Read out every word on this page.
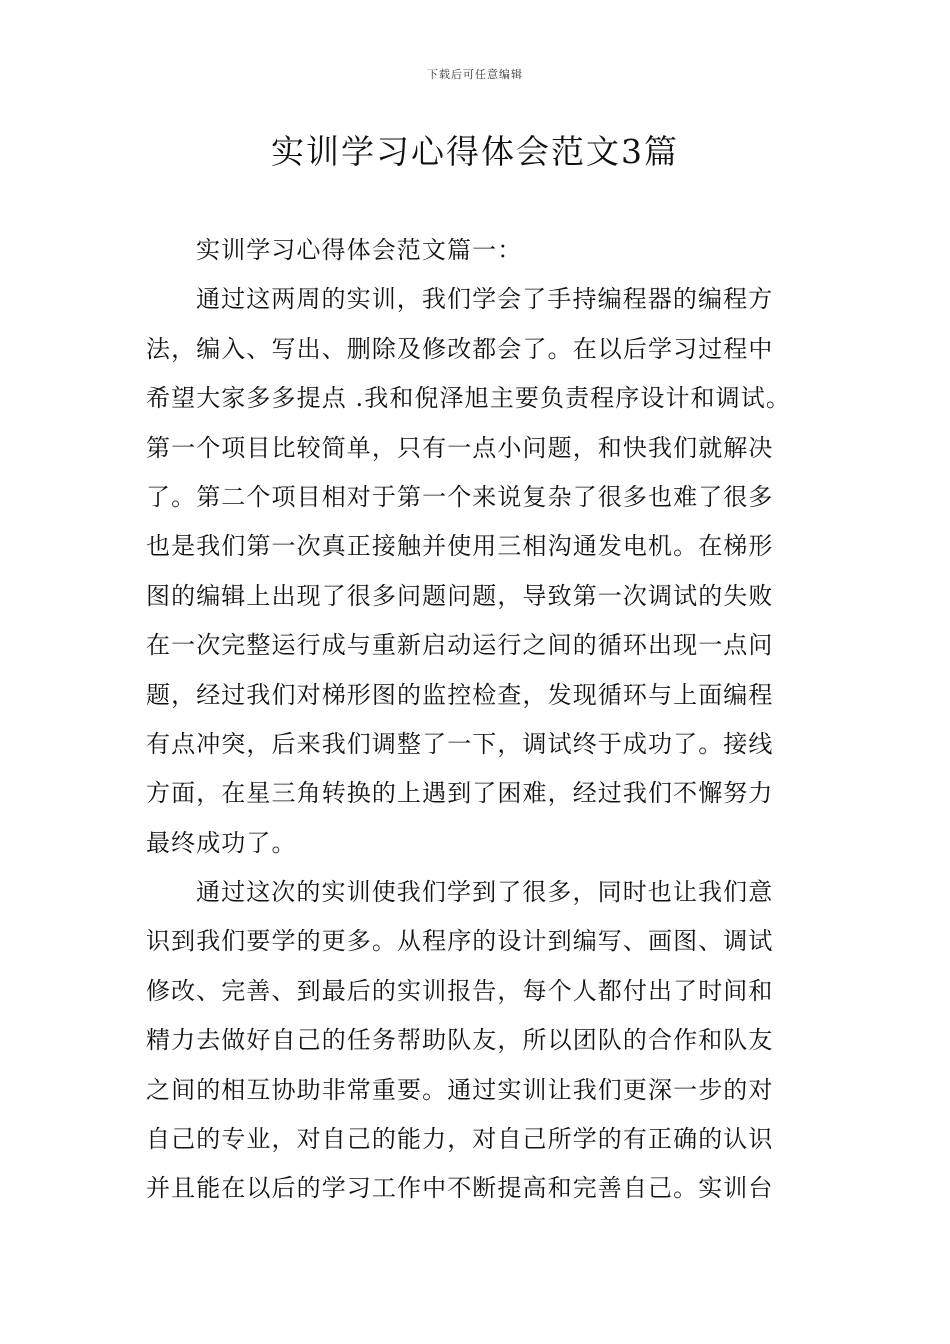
下载后可任意编辑
实训学习心得体会范文3篇
实训学习心得体会范文篇一：
通过这两周的实训，我们学会了手持编程器的编程方
法，编入、写出、删除及修改都会了。在以后学习过程中
希望大家多多提点 .我和倪泽旭主要负责程序设计和调试。
第一个项目比较简单，只有一点小问题，和快我们就解决
了。第二个项目相对于第一个来说复杂了很多也难了很多
也是我们第一次真正接触并使用三相沟通发电机。在梯形
图的编辑上出现了很多问题问题，导致第一次调试的失败
在一次完整运行成与重新启动运行之间的循环出现一点问
题，经过我们对梯形图的监控检查，发现循环与上面编程
有点冲突，后来我们调整了一下，调试终于成功了。接线
方面，在星三角转换的上遇到了困难，经过我们不懈努力
最终成功了。
通过这次的实训使我们学到了很多，同时也让我们意
识到我们要学的更多。从程序的设计到编写、画图、调试
修改、完善、到最后的实训报告，每个人都付出了时间和
精力去做好自己的任务帮助队友，所以团队的合作和队友
之间的相互协助非常重要。通过实训让我们更深一步的对
自己的专业，对自己的能力，对自己所学的有正确的认识
并且能在以后的学习工作中不断提高和完善自己。实训台
